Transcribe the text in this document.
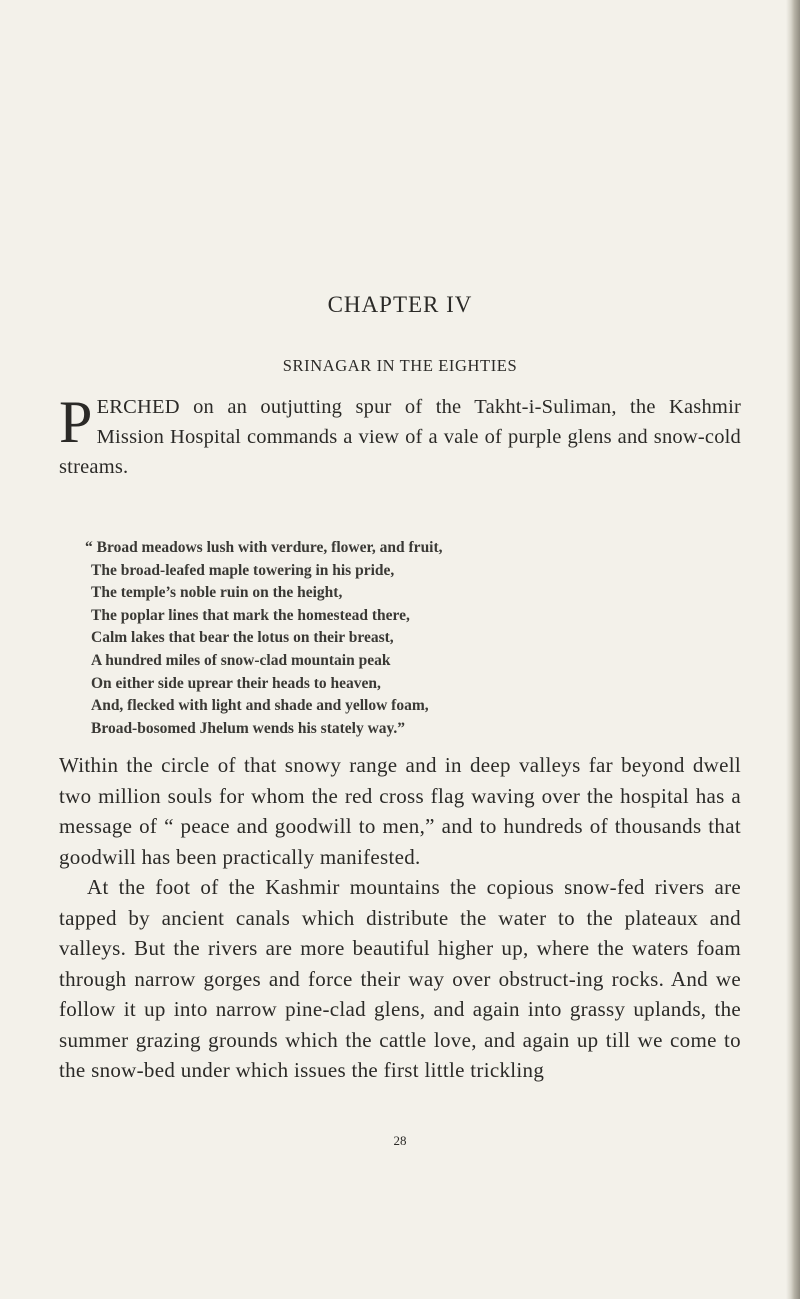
CHAPTER IV
SRINAGAR IN THE EIGHTIES

PERCHED on an outjutting spur of the Takht-i-Suliman, the Kashmir Mission Hospital commands a view of a vale of purple glens and snow-cold streams.

“ Broad meadows lush with verdure, flower, and fruit,
The broad-leafed maple towering in his pride,
The temple’s noble ruin on the height,
The poplar lines that mark the homestead there,
Calm lakes that bear the lotus on their breast,
A hundred miles of snow-clad mountain peak
On either side uprear their heads to heaven,
And, flecked with light and shade and yellow foam,
Broad-bosomed Jhelum wends his stately way.”

Within the circle of that snowy range and in deep valleys far beyond dwell two million souls for whom the red cross flag waving over the hospital has a message of “ peace and goodwill to men,” and to hundreds of thousands that goodwill has been practically manifested.

At the foot of the Kashmir mountains the copious snow-fed rivers are tapped by ancient canals which distribute the water to the plateaux and valleys. But the rivers are more beautiful higher up, where the waters foam through narrow gorges and force their way over obstruct-ing rocks. And we follow it up into narrow pine-clad glens, and again into grassy uplands, the summer grazing grounds which the cattle love, and again up till we come to the snow-bed under which issues the first little trickling

28
